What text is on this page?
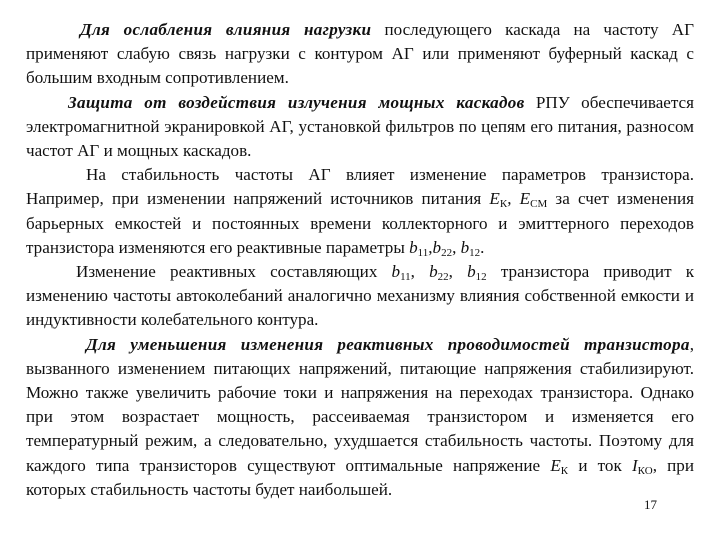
Для ослабления влияния нагрузки последующего каскада на частоту АГ применяют слабую связь нагрузки с контуром АГ или применяют буферный каскад с большим входным сопротивлением.

Защита от воздействия излучения мощных каскадов РПУ обеспечивается электромагнитной экранировкой АГ, установкой фильтров по цепям его питания, разносом частот АГ и мощных каскадов.

На стабильность частоты АГ влияет изменение параметров транзистора. Например, при изменении напряжений источников питания $E_К$, $E_{СМ}$ за счет изменения барьерных емкостей и постоянных времени коллекторного и эмиттерного переходов транзистора изменяются его реактивные параметры $b_{11},b_{22}$, $b_{12}$.

Изменение реактивных составляющих $b_{11}$, $b_{22}$, $b_{12}$ транзистора приводит к изменению частоты автоколебаний аналогично механизму влияния собственной емкости и индуктивности колебательного контура.

Для уменьшения изменения реактивных проводимостей транзистора, вызванного изменением питающих напряжений, питающие напряжения стабилизируют. Можно также увеличить рабочие токи и напряжения на переходах транзистора. Однако при этом возрастает мощность, рассеиваемая транзистором и изменяется его температурный режим, а следовательно, ухудшается стабильность частоты. Поэтому для каждого типа транзисторов существуют оптимальные напряжение $E_К$ и ток $I_{КО}$, при которых стабильность частоты будет наибольшей.

17
